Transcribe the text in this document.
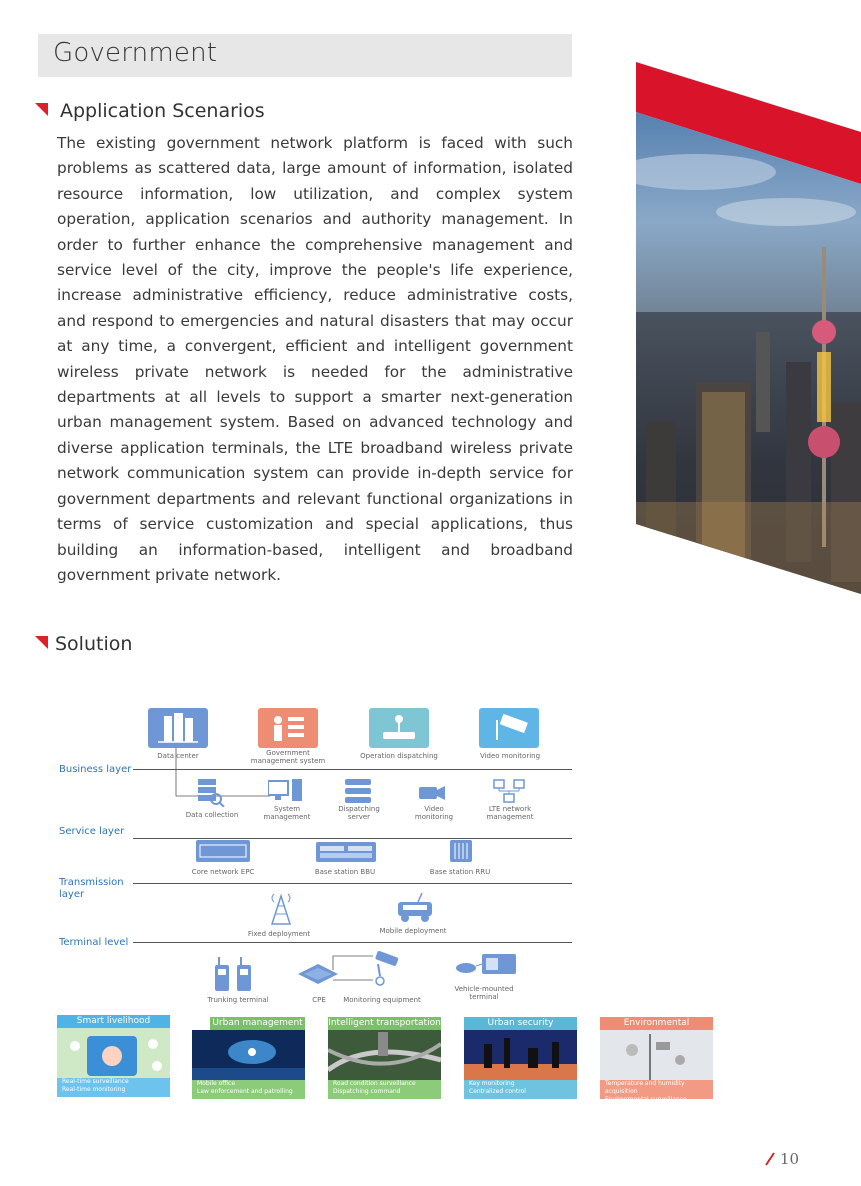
Government
Application Scenarios
The existing government network platform is faced with such problems as scattered data, large amount of information, isolated resource information, low utilization, and complex system operation, application scenarios and authority management. In order to further enhance the comprehensive management and service level of the city, improve the people's life experience, increase administrative efficiency, reduce administrative costs, and respond to emergencies and natural disasters that may occur at any time, a convergent, efficient and intelligent government wireless private network is needed for the administrative departments at all levels to support a smarter next-generation urban management system. Based on advanced technology and diverse application terminals, the LTE broadband wireless private network communication system can provide in-depth service for government departments and relevant functional organizations in terms of service customization and special applications, thus building an information-based, intelligent and broadband government private network.
Solution
Business layer
Service layer
Transmission layer
Terminal level
Data center	Government management system
Operation dispatching	Video monitoring
Data collection
System management
Dispatching server
Video monitoring
LTE network management
Core network EPC	Base station BBU	Base station RRU
Fixed deployment	Mobile deployment
Trunking terminal	CPE	Monitoring equipment
Vehicle-mounted terminal
Smart livelihood
Real-time surveillance
Real-time monitoring
Urban management
Mobile office
Law enforcement and patrolling
Intelligent transportation
Road condition surveillance
Dispatching command
Urban security
Key monitoring
Centralized control
Environmental
Temperature and humidity acquisition
Environmental surveillance
10
